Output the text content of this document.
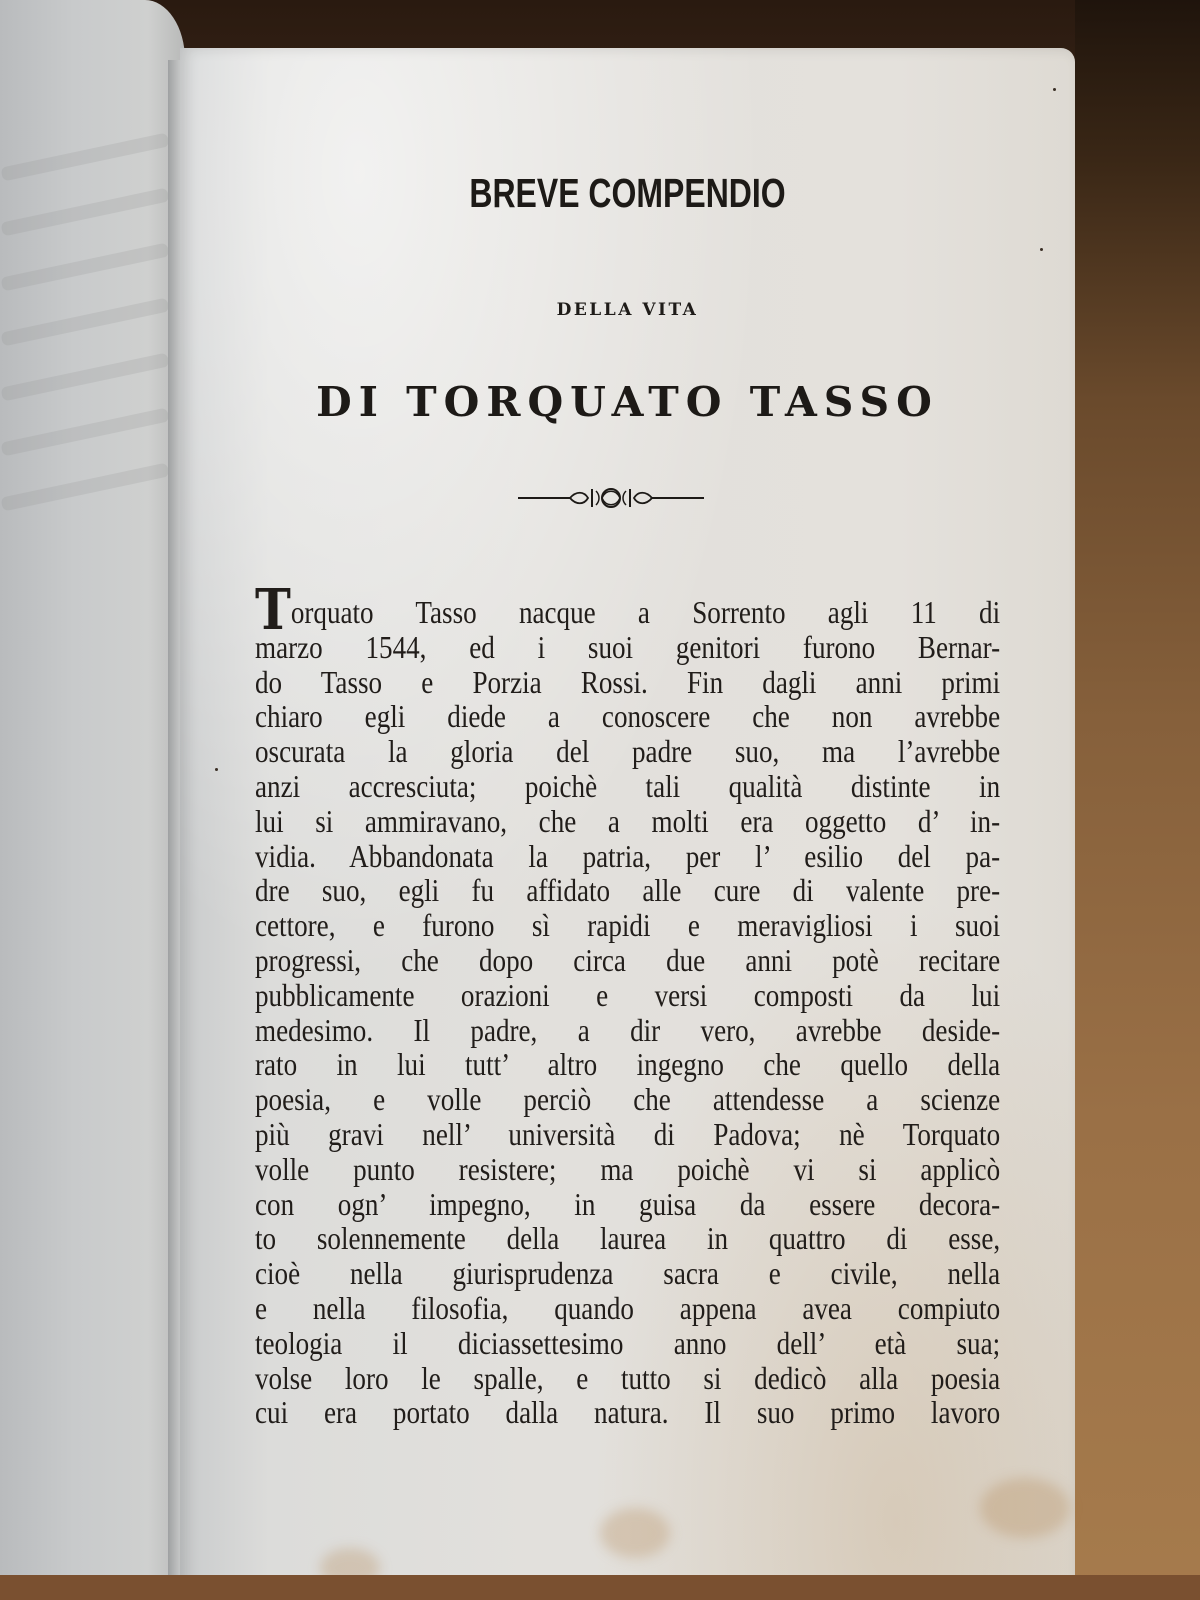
BREVE COMPENDIO
DELLA VITA
DI TORQUATO TASSO
Torquato Tasso nacque a Sorrento agli 11 di
marzo 1544, ed i suoi genitori furono Bernar-
do Tasso e Porzia Rossi. Fin dagli anni primi
chiaro egli diede a conoscere che non avrebbe
oscurata la gloria del padre suo, ma l’avrebbe
anzi accresciuta; poichè tali qualità distinte in
lui si ammiravano, che a molti era oggetto d’ in-
vidia. Abbandonata la patria, per l’ esilio del pa-
dre suo, egli fu affidato alle cure di valente pre-
cettore, e furono sì rapidi e meravigliosi i suoi
progressi, che dopo circa due anni potè recitare
pubblicamente orazioni e versi composti da lui
medesimo. Il padre, a dir vero, avrebbe deside-
rato in lui tutt’ altro ingegno che quello della
poesia, e volle perciò che attendesse a scienze
più gravi nell’ università di Padova; nè Torquato
volle punto resistere; ma poichè vi si applicò
con ogn’ impegno, in guisa da essere decora-
to solennemente della laurea in quattro di esse,
cioè nella giurisprudenza sacra e civile, nella
e nella filosofia, quando appena avea compiuto
teologia il diciassettesimo anno dell’ età sua;
volse loro le spalle, e tutto si dedicò alla poesia
cui era portato dalla natura. Il suo primo lavoro
